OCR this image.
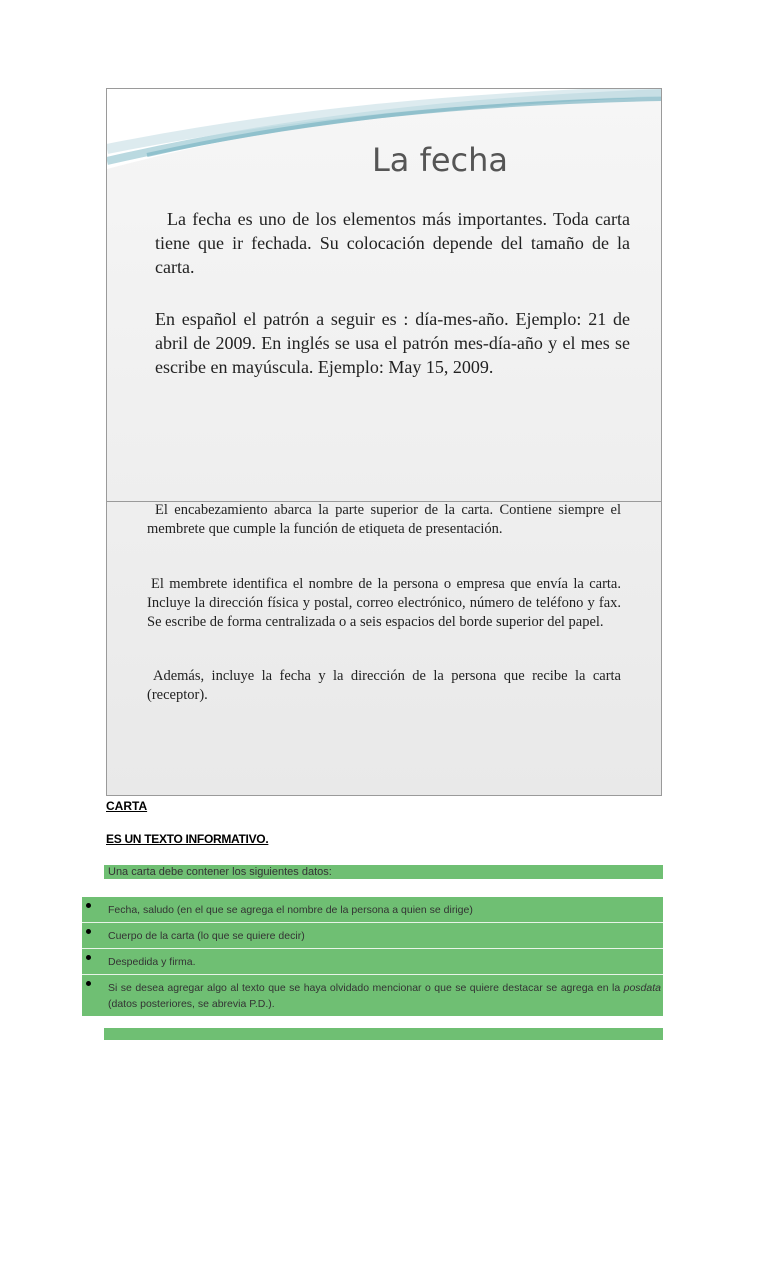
La fecha
La fecha es uno de los elementos más importantes. Toda carta tiene que ir fechada. Su colocación depende del tamaño de la carta.
En español el patrón a seguir es : día-mes-año. Ejemplo: 21 de abril de 2009. En inglés se usa el patrón mes-día-año y el mes se escribe en mayúscula. Ejemplo: May 15, 2009.
El encabezamiento abarca la parte superior de la carta. Contiene siempre el membrete que cumple la función de etiqueta de presentación.
El membrete identifica el nombre de la persona o empresa que envía la carta. Incluye la dirección física y postal, correo electrónico, número de teléfono y fax. Se escribe de forma centralizada o a seis espacios del borde superior del papel.
Además, incluye la fecha y la dirección de la persona que recibe la carta (receptor).
CARTA
ES UN TEXTO INFORMATIVO.
Una carta debe contener los siguientes datos:
Fecha, saludo (en el que se agrega el nombre de la persona a quien se dirige)
Cuerpo de la carta (lo que se quiere decir)
Despedida y firma.
Si se desea agregar algo al texto que se haya olvidado mencionar o que se quiere destacar se agrega en la posdata (datos posteriores, se abrevia P.D.).
